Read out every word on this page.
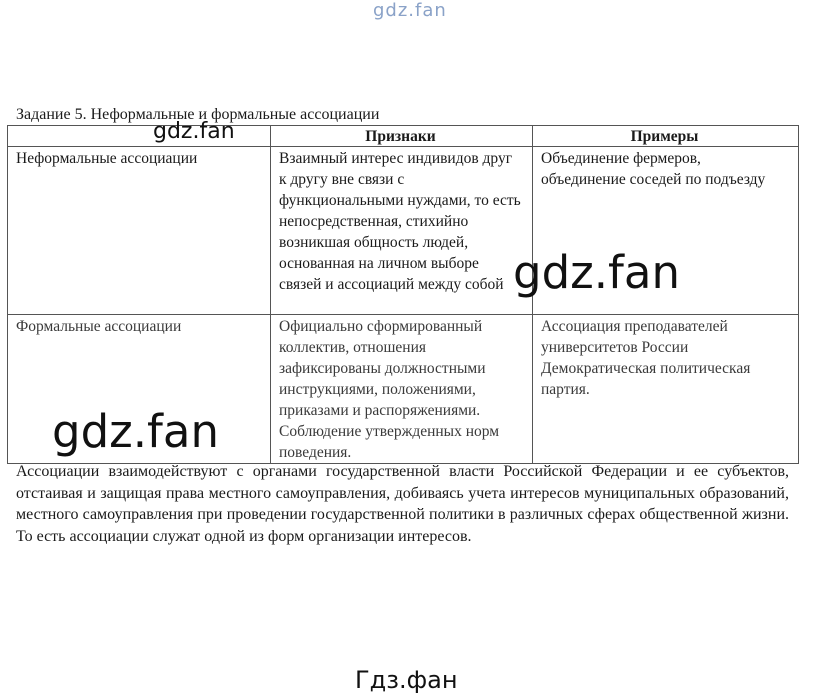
gdz.fan
Задание 5. Неформальные и формальные ассоциации
	Признаки	Примеры
Неформальные ассоциации	Взаимный интерес индивидов друг к другу вне связи с функциональными нуждами, то есть непосредственная, стихийно возникшая общность людей, основанная на личном выборе связей и ассоциаций между собой	Объединение фермеров, объединение соседей по подъезду
Формальные ассоциации	Официально сформированный коллектив, отношения зафиксированы должностными инструкциями, положениями, приказами и распоряжениями. Соблюдение утвержденных норм поведения.	Ассоциация преподавателей университетов России Демократическая политическая партия.

Ассоциации взаимодействуют с органами государственной власти Российской Федерации и ее субъектов, отстаивая и защищая права местного самоуправления, добиваясь учета интересов муниципальных образований, местного самоуправления при проведении государственной политики в различных сферах общественной жизни. То есть ассоциации служат одной из форм организации интересов.

gdz.fan
gdz.fan
gdz.fan
Гдз.фан
